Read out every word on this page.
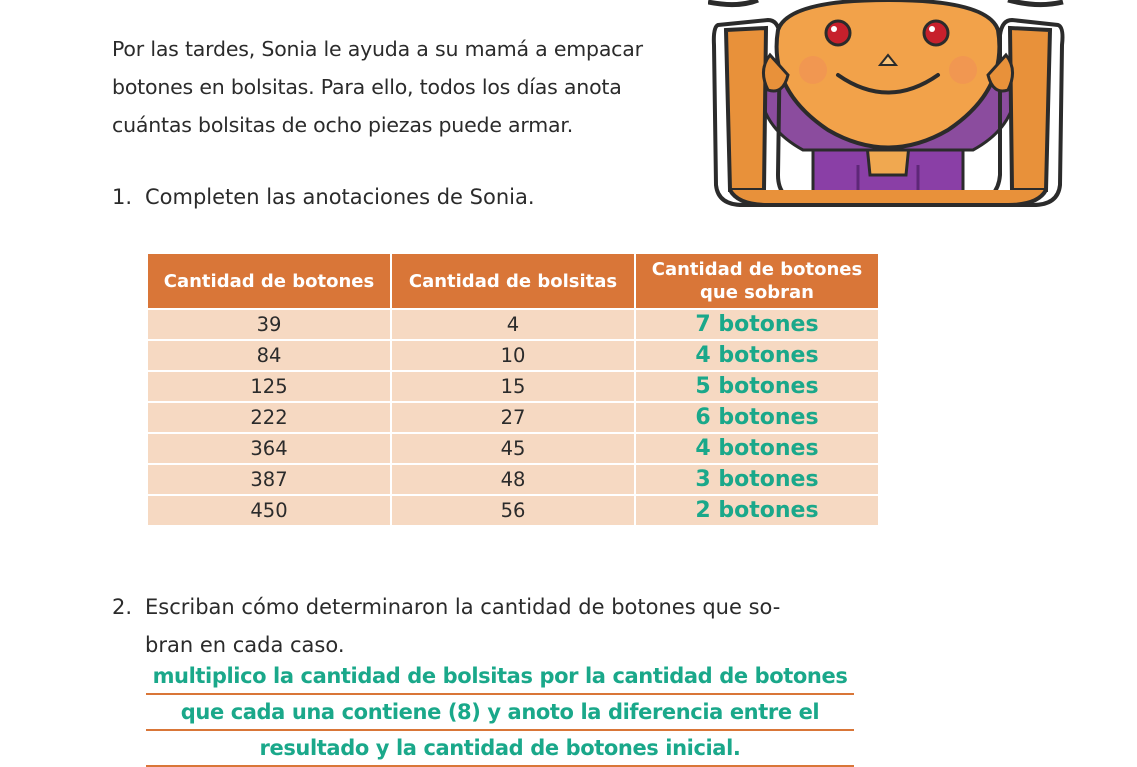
Por las tardes, Sonia le ayuda a su mamá a empacar

botones en bolsitas. Para ello, todos los días anota

cuántas bolsitas de ocho piezas puede armar.

1. Completen las anotaciones de Sonia.
Cantidad de botones	Cantidad de bolsitas	Cantidad de botones que sobran
39	4	7 botones
84	10	4 botones
125	15	5 botones
222	27	6 botones
364	45	4 botones
387	48	3 botones
450	56	2 botones
2. Escriban cómo determinaron la cantidad de botones que so-
bran en cada caso.
multiplico la cantidad de bolsitas por la cantidad de botones
que cada una contiene (8) y anoto la diferencia entre el
resultado y la cantidad de botones inicial.
